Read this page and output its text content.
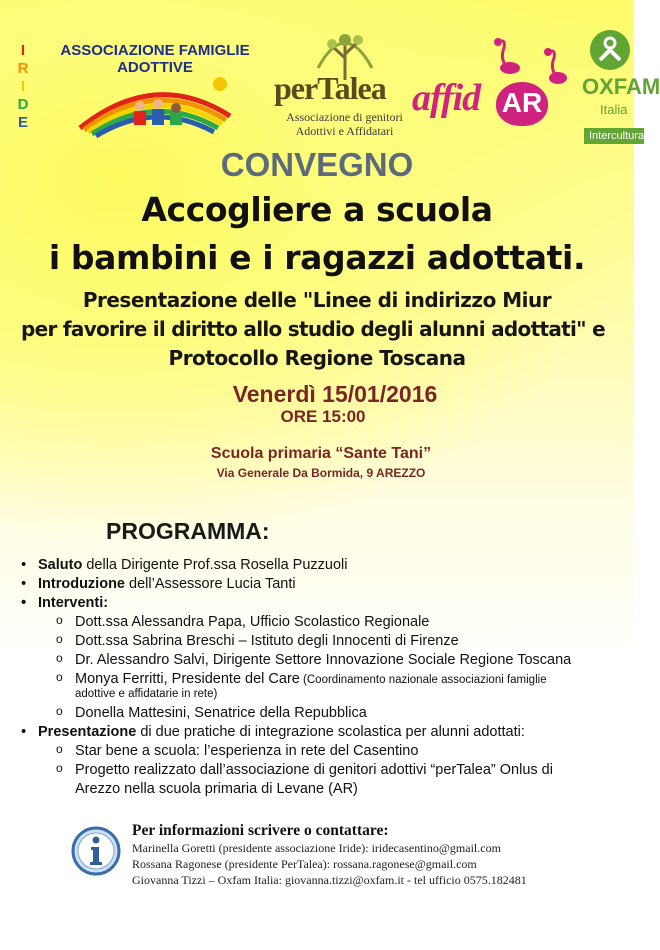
I
R
I
D
E
ASSOCIAZIONE FAMIGLIE
ADOTTIVE
perTalea
Associazione di genitori
Adottivi e Affidatari
affid AR
OXFAM
Italia
Intercultura
CONVEGNO
Accogliere a scuola
i bambini e i ragazzi adottati.
Presentazione delle "Linee di indirizzo Miur
per favorire il diritto allo studio degli alunni adottati" e
Protocollo Regione Toscana
Venerdì 15/01/2016
ORE 15:00
Scuola primaria “Sante Tani”
Via Generale Da Bormida, 9 AREZZO
PROGRAMMA:
• Saluto della Dirigente Prof.ssa Rosella Puzzuoli
• Introduzione dell’Assessore Lucia Tanti
• Interventi:
o Dott.ssa Alessandra Papa, Ufficio Scolastico Regionale
o Dott.ssa Sabrina Breschi – Istituto degli Innocenti di Firenze
o Dr. Alessandro Salvi, Dirigente Settore Innovazione Sociale Regione Toscana
o Monya Ferritti, Presidente del Care (Coordinamento nazionale associazioni famiglie
adottive e affidatarie in rete)
o Donella Mattesini, Senatrice della Repubblica
• Presentazione di due pratiche di integrazione scolastica per alunni adottati:
o Star bene a scuola: l’esperienza in rete del Casentino
o Progetto realizzato dall’associazione di genitori adottivi “perTalea” Onlus di
Arezzo nella scuola primaria di Levane (AR)
Per informazioni scrivere o contattare:
Marinella Goretti (presidente associazione Iride): iridecasentino@gmail.com
Rossana Ragonese (presidente PerTalea): rossana.ragonese@gmail.com
Giovanna Tizzi – Oxfam Italia: giovanna.tizzi@oxfam.it - tel ufficio 0575.182481
